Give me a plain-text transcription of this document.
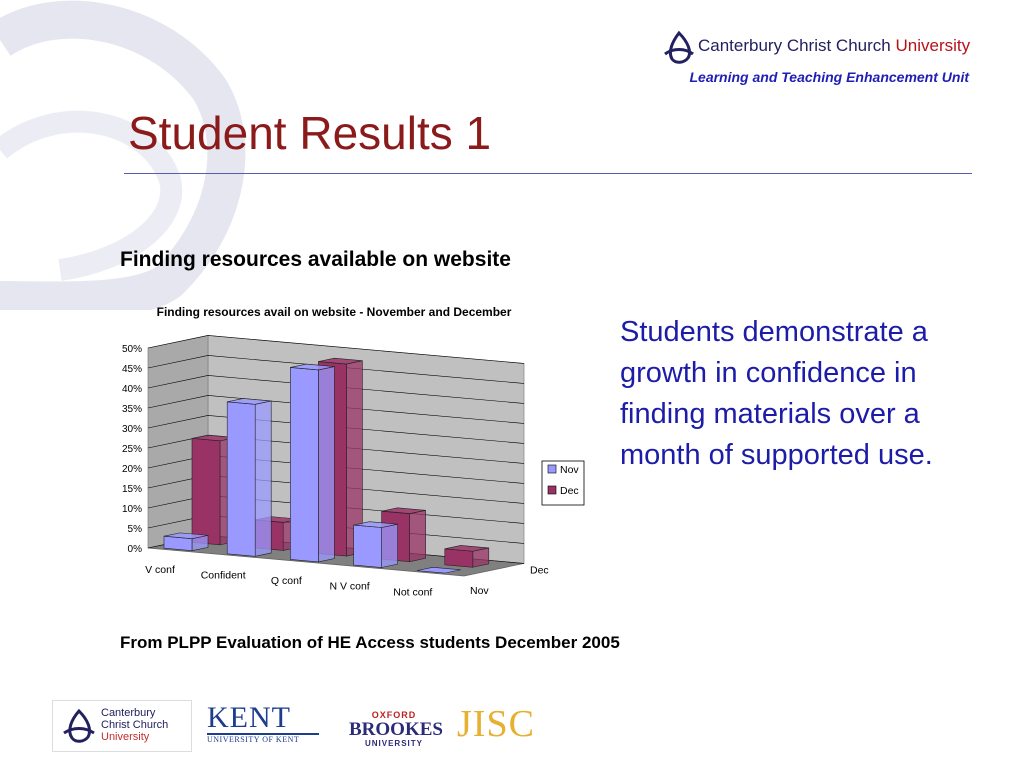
Canterbury Christ Church University
Learning and Teaching Enhancement Unit
Student Results 1
Finding resources available on website
Finding resources avail on website - November and December
0%
5%
10%
15%
20%
25%
30%
35%
40%
45%
50%
V conf Confident Q conf	N V conf Not conf
Dec
Nov
Nov
Dec
Students demonstrate a growth in confidence in finding materials over a month of supported use.
From PLPP Evaluation of HE Access students December 2005
Canterbury
Christ Church
University
KENT
UNIVERSITY OF KENT
OXFORD
BROOKES
UNIVERSITY JISC
